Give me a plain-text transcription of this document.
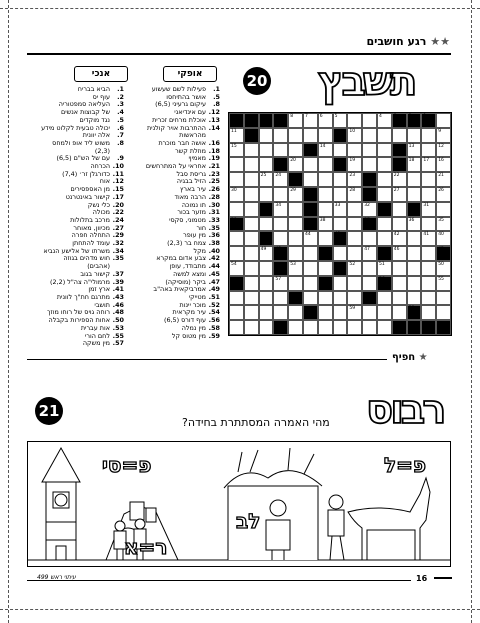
★★ רגע חושבים
תשבץ
20
אופקי
אנכי
1.פעילות לשם שעשוע
5.אושר בהתיחסו
8.עיקום גרעיני (6,5)
12.עם אינדיאני
13.אוכלת מרחים זכרית
14.ההתרבות אויר קולנית
מהראשות
16.אושה חבר מוכרת
18.מוזלת קשר
19.מאמיןי
21.אחראי על המתרחשים
23.גריסת סבל
25.הזיל בבגיה
26.עיר בארץ
28.הרבה מאוד
30.תו נמוכה
31.מזער בכור
33.מטמוני, סקסי
35.חור
36.מין עופר
38.צמח בר (2,3)
40.מקל
42.צבע אדום במקרא
44.מתבודד, עופן
45.ומצא למשה
47.ביקר (מוסיקה)
49.אמרביקאית באה"ב
51.מטייקי
52.מוכר יינות
54.עיר מקראית
56.עוף דורס (6,5)
58.מין נמלה
59.מין מטוס קל
1.הביא בבריח
2.עוף יס
3.העליאה סמפטוריה
4.של קבוצות אנשים
5.נגד מוקדים
6.יכולה טבעית לקלוט מידע
7.אלה יוונית
8.משוש ליד אופ ולמחס
(2,3)
9.עם של הש"ם (6,5)
10.הכרחה
11.כדורגלן זר׳ (7,4)
12.אוח
15.מן האספסירים
17.קישור באינטרנט
20.כלי נשק
22.מכולה
24.מרכב בתלולות
27.מכיוון, מאוחר
29.התחלה חפרה
32.עומד להתחתן
34.משרתו של אלישע הנביא
35.חוש מדהים בגוזה
(אהבים)
37.קישור בגוב
39.מרמולי"ה צה"ל (2,2)
41.ארץ זמן
43.מתרגם חת"ך לוונית
46.תושבי
48.רוחה גויס של רוחו מוזך
50.אחות הספירות בקבלה
53.אות עברית
55.לחם הורי
57.מין משקה
8	7	6	5	4	3	2	1
11	10	9
15	14	13	12
20	19	18 17 16
25 24	23	22	21
30	29	28	27	26
34	33	32	31
39	38	37	36	35
44	43	42	41 40
49 48	47	46	45
54	53	52	51	50
57	56	55
59	58
★ חפיף
רבוס
21
מהי האמרה המסתתרת בחידה?
פ=ל
לב
פ=סי
ר=א
16
עיתוי ראש 499
